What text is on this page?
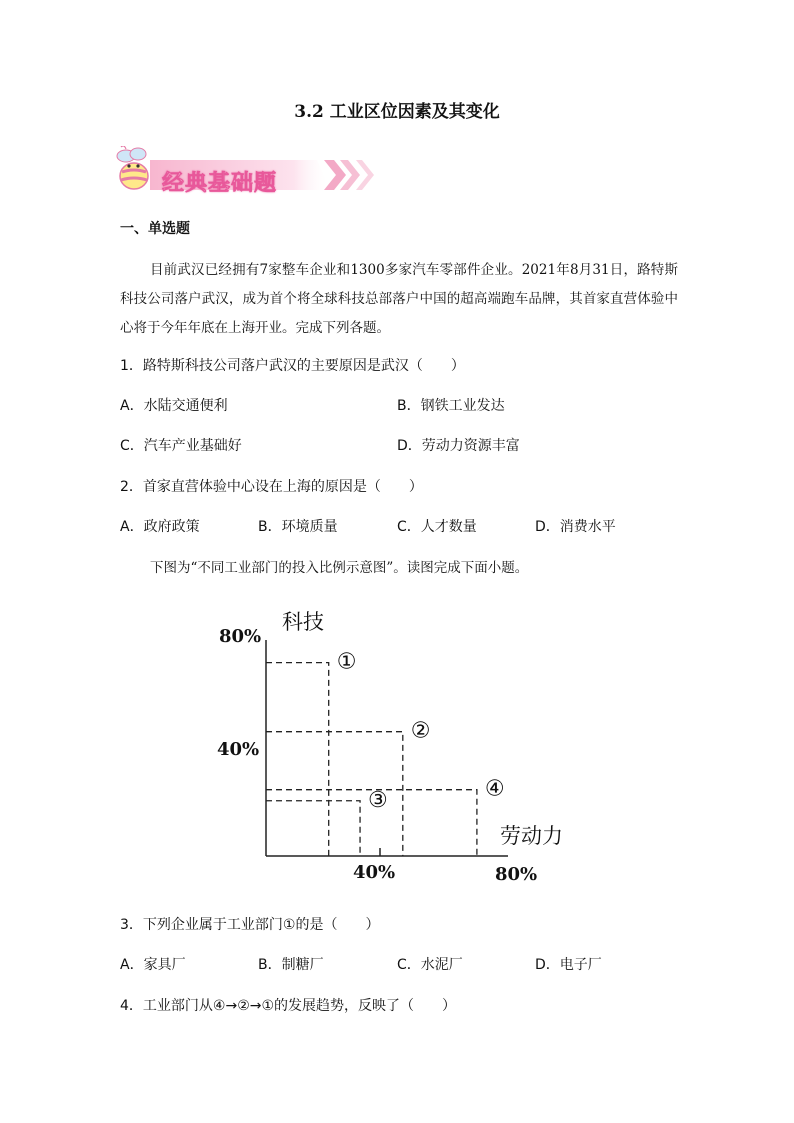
3.2 工业区位因素及其变化
经典基础题
一、单选题
目前武汉已经拥有7家整车企业和1300多家汽车零部件企业。2021年8月31日，路特斯科技公司落户武汉，成为首个将全球科技总部落户中国的超高端跑车品牌，其首家直营体验中心将于今年年底在上海开业。完成下列各题。
1．路特斯科技公司落户武汉的主要原因是武汉（　　）
A．水陆交通便利	B．钢铁工业发达
C．汽车产业基础好	D．劳动力资源丰富
2．首家直营体验中心设在上海的原因是（　　）
A．政府政策	B．环境质量	C．人才数量	D．消费水平
下图为“不同工业部门的投入比例示意图”。读图完成下面小题。
科技
劳动力
80%
40%
40%	80%
①
②
③	④
3．下列企业属于工业部门①的是（　　）
A．家具厂	B．制糖厂	C．水泥厂	D．电子厂
4．工业部门从④→②→①的发展趋势，反映了（　　）
